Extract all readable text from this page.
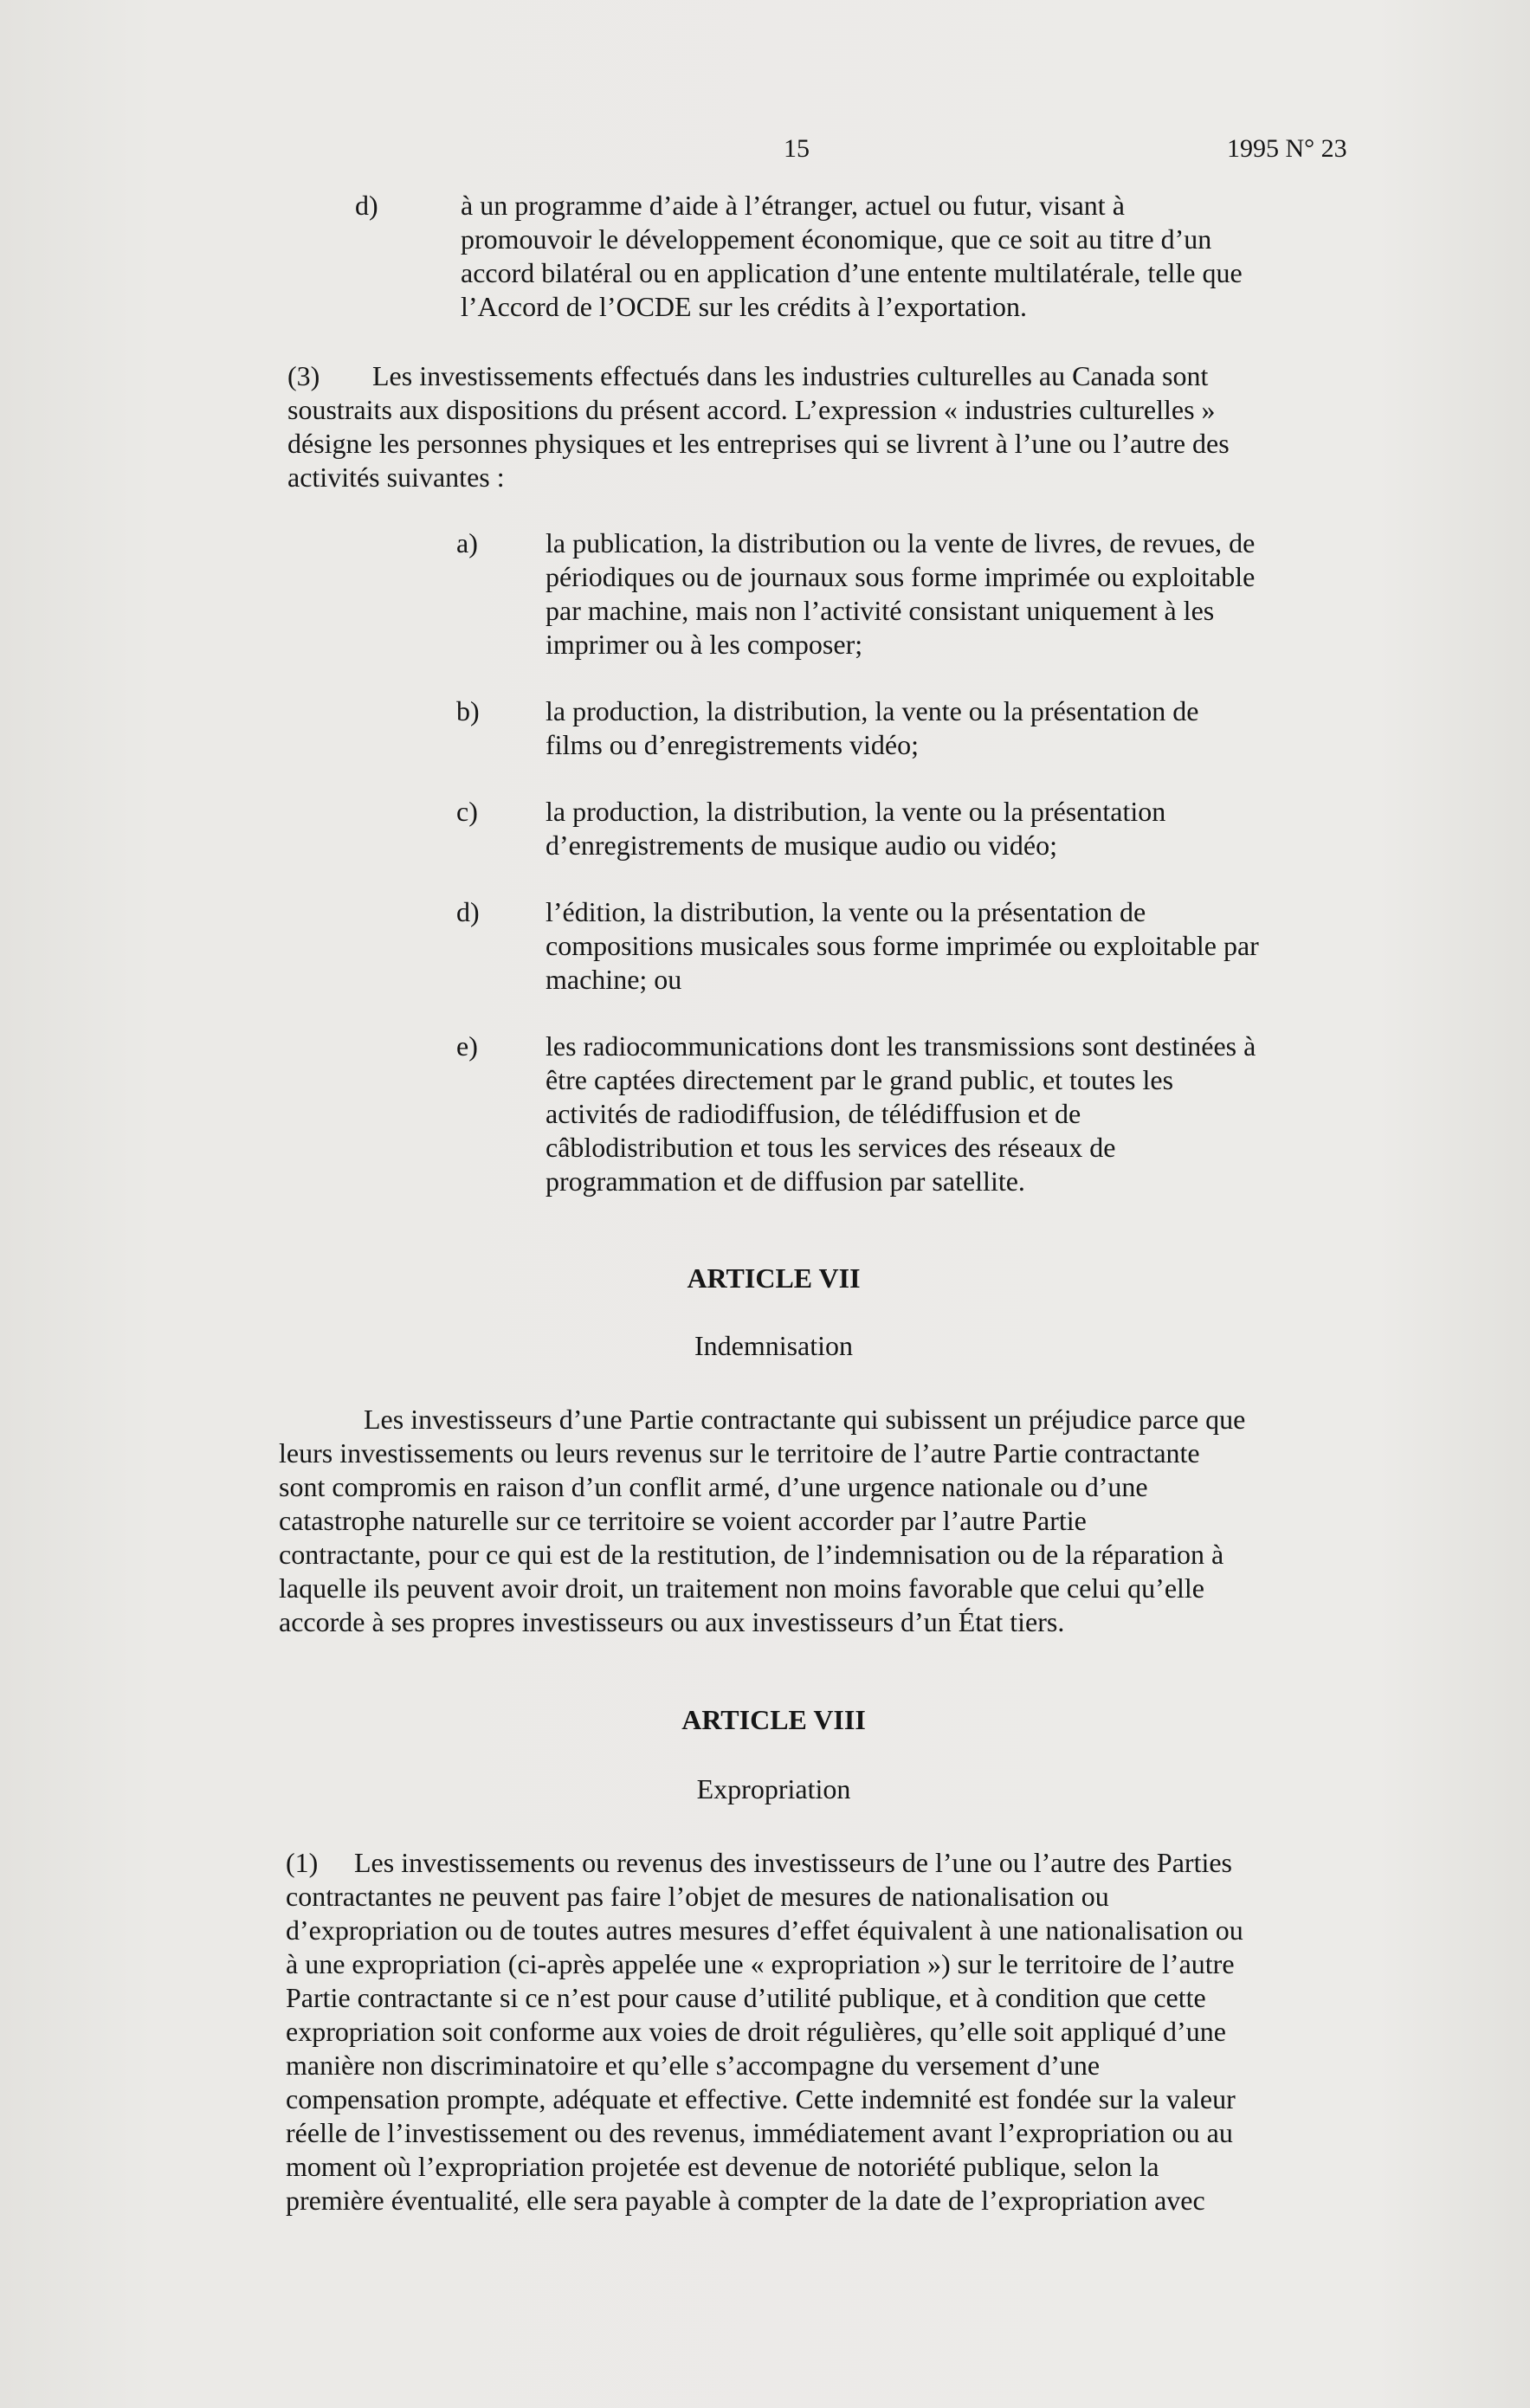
15	1995 N° 23
d)	à un programme d’aide à l’étranger, actuel ou futur, visant à
promouvoir le développement économique, que ce soit au titre d’un
accord bilatéral ou en application d’une entente multilatérale, telle que
l’Accord de l’OCDE sur les crédits à l’exportation.
(3)	Les investissements effectués dans les industries culturelles au Canada sont
soustraits aux dispositions du présent accord. L’expression « industries culturelles »
désigne les personnes physiques et les entreprises qui se livrent à l’une ou l’autre des
activités suivantes :
a) la publication, la distribution ou la vente de livres, de revues, de
périodiques ou de journaux sous forme imprimée ou exploitable
par machine, mais non l’activité consistant uniquement à les
imprimer ou à les composer;
b) la production, la distribution, la vente ou la présentation de
films ou d’enregistrements vidéo;
c) la production, la distribution, la vente ou la présentation
d’enregistrements de musique audio ou vidéo;
d) l’édition, la distribution, la vente ou la présentation de
compositions musicales sous forme imprimée ou exploitable par
machine; ou
e) les radiocommunications dont les transmissions sont destinées à
être captées directement par le grand public, et toutes les
activités de radiodiffusion, de télédiffusion et de
câblodistribution et tous les services des réseaux de
programmation et de diffusion par satellite.
ARTICLE VII
Indemnisation
Les investisseurs d’une Partie contractante qui subissent un préjudice parce que
leurs investissements ou leurs revenus sur le territoire de l’autre Partie contractante
sont compromis en raison d’un conflit armé, d’une urgence nationale ou d’une
catastrophe naturelle sur ce territoire se voient accorder par l’autre Partie
contractante, pour ce qui est de la restitution, de l’indemnisation ou de la réparation à
laquelle ils peuvent avoir droit, un traitement non moins favorable que celui qu’elle
accorde à ses propres investisseurs ou aux investisseurs d’un État tiers.
ARTICLE VIII
Expropriation
(1)	Les investissements ou revenus des investisseurs de l’une ou l’autre des Parties
contractantes ne peuvent pas faire l’objet de mesures de nationalisation ou
d’expropriation ou de toutes autres mesures d’effet équivalent à une nationalisation ou
à une expropriation (ci-après appelée une « expropriation ») sur le territoire de l’autre
Partie contractante si ce n’est pour cause d’utilité publique, et à condition que cette
expropriation soit conforme aux voies de droit régulières, qu’elle soit appliqué d’une
manière non discriminatoire et qu’elle s’accompagne du versement d’une
compensation prompte, adéquate et effective. Cette indemnité est fondée sur la valeur
réelle de l’investissement ou des revenus, immédiatement avant l’expropriation ou au
moment où l’expropriation projetée est devenue de notoriété publique, selon la
première éventualité, elle sera payable à compter de la date de l’expropriation avec
